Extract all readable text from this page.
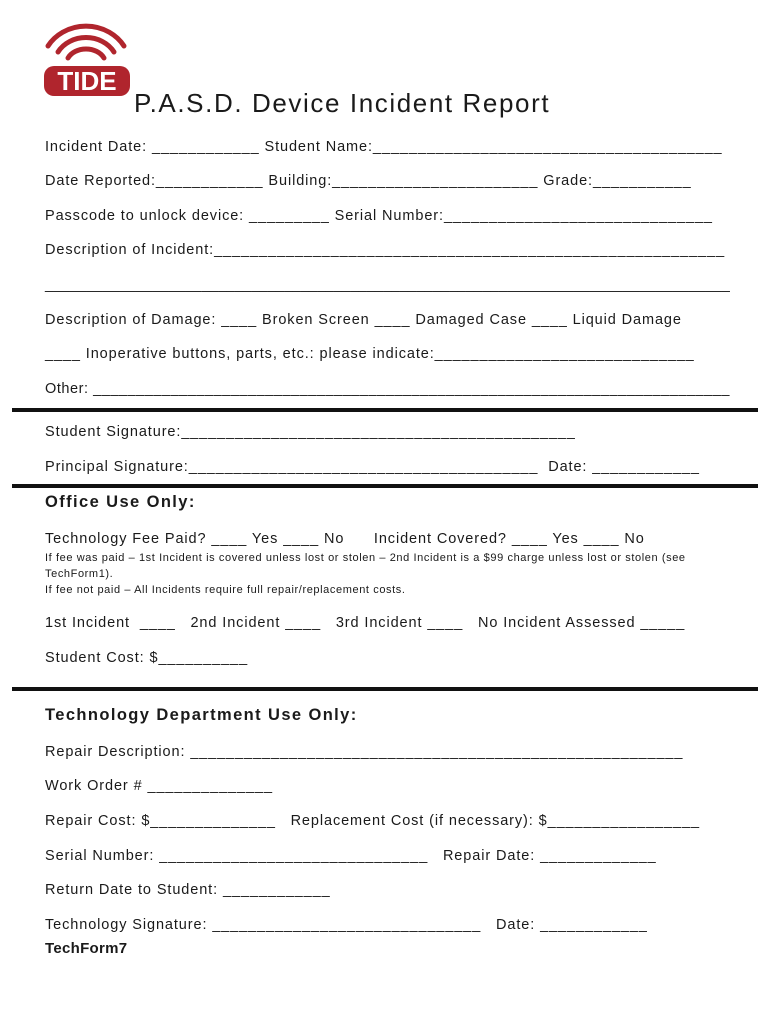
TIDE
P.A.S.D. Device Incident Report
Incident Date: ____________ Student Name:_______________________________________
Date Reported:____________ Building:_______________________ Grade:___________
Passcode to unlock device: _________ Serial Number:______________________________
Description of Incident:_________________________________________________________
___________________________________________________________________________________
Description of Damage: ____ Broken Screen ____ Damaged Case ____ Liquid Damage
____ Inoperative buttons, parts, etc.: please indicate:_____________________________
Other: __________________________________________________________________________
Student Signature:____________________________________________
Principal Signature:_______________________________________  Date: ____________
Office Use Only:
Technology Fee Paid? ____ Yes ____ No      Incident Covered? ____ Yes ____ No
If fee was paid – 1st Incident is covered unless lost or stolen – 2nd Incident is a $99 charge unless lost or stolen (see
TechForm1).
If fee not paid – All Incidents require full repair/replacement costs.
1st Incident  ____   2nd Incident ____   3rd Incident ____   No Incident Assessed _____
Student Cost: $__________
Technology Department Use Only:
Repair Description: _______________________________________________________
Work Order # ______________
Repair Cost: $______________   Replacement Cost (if necessary): $_________________
Serial Number: ______________________________   Repair Date: _____________
Return Date to Student: ____________
Technology Signature: ______________________________   Date: ____________
TechForm7
